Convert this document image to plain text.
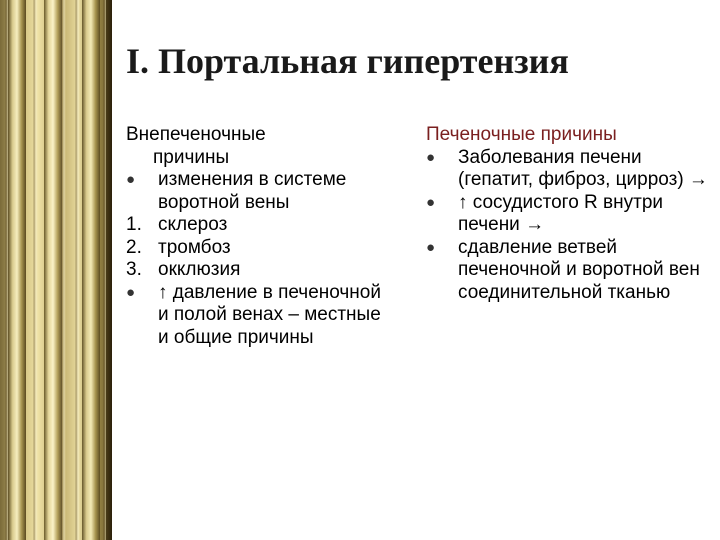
I. Портальная гипертензия
Внепеченочные
причины
●
изменения в системе воротной вены
1. склероз
2. тромбоз
3. окклюзия
●
↑ давление в печеночной и полой венах – местные и общие причины
Печеночные причины
●
Заболевания печени (гепатит, фиброз, цирроз) →
●
↑ сосудистого R внутри печени →
●
сдавление ветвей печеночной и воротной вен соединительной тканью
